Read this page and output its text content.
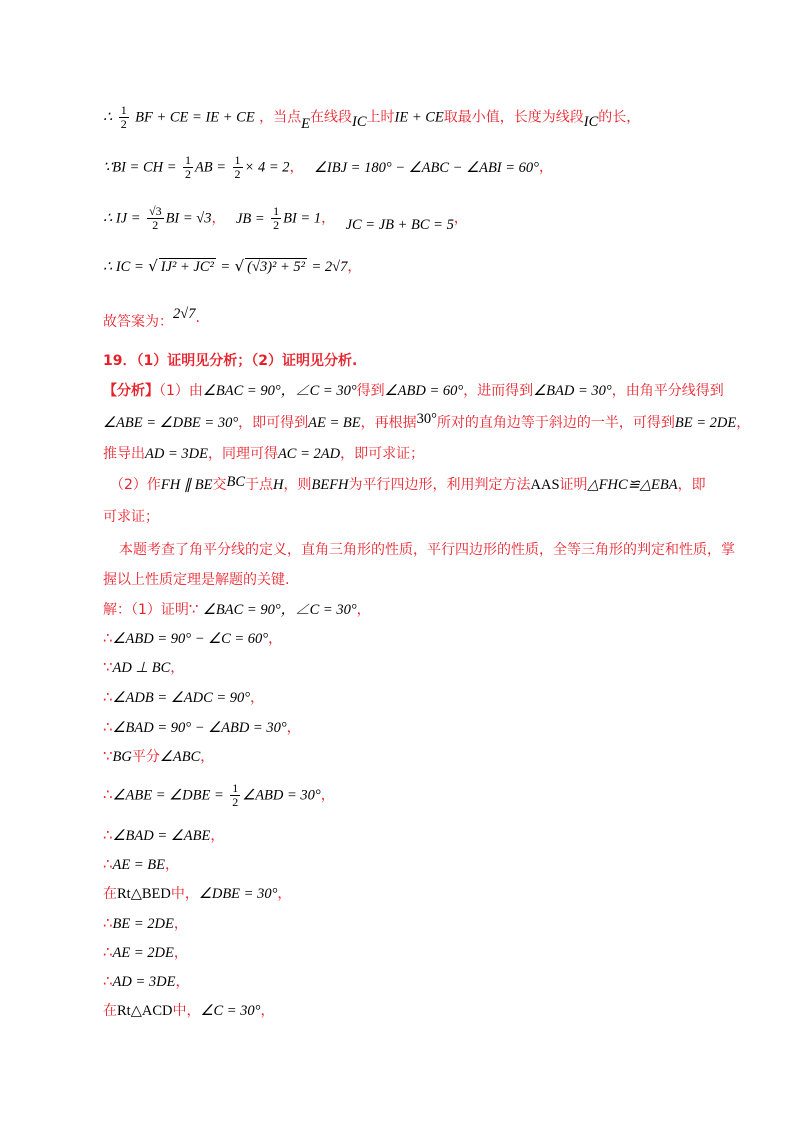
∴ $\frac{1}{2}$ BF + CE = IE + CE ，当点E在线段IC上时IE + CE取最小值，长度为线段IC的长，
∵BI = CH = $\frac{1}{2}$ AB = $\frac{1}{2} \times 4 = 2$， ∠IBJ = 180° − ∠ABC − ∠ABI = 60°，
∴ IJ = $\frac{√3}{2}$ BI = √3， JB = $\frac{1}{2}$ BI = 1， JC = JB + BC = 5，
∴ IC = √ IJ² + JC² = √ (√3)² + 5² = 2√7，
故答案为：2√7.
19．（1）证明见分析；（2）证明见分析.
【分析】（1）由∠BAC = 90°，∠C = 30°得到∠ABD = 60°，进而得到∠BAD = 30°，由角平分线得到
∠ABE = ∠DBE = 30°，即可得到AE = BE，再根据30°所对的直角边等于斜边的一半，可得到BE = 2DE，
推导出AD = 3DE，同理可得AC = 2AD，即可求证；
（2）作FH ∥ BE交BC于点H，则BEFH为平行四边形，利用判定方法AAS证明△FHC≌△EBA，即
可求证；
本题考查了角平分线的定义，直角三角形的性质，平行四边形的性质，全等三角形的判定和性质，掌
握以上性质定理是解题的关键.
解：（1）证明∵ ∠BAC = 90°，∠C = 30°，
∴∠ABD = 90° − ∠C = 60°，
∵AD ⊥ BC，
∴∠ADB = ∠ADC = 90°，
∴∠BAD = 90° − ∠ABD = 30°，
∵BG平分∠ABC，
∴∠ABE = ∠DBE = $\frac{1}{2}$ ∠ABD = 30°，
∴∠BAD = ∠ABE，
∴AE = BE，
在Rt△BED中，∠DBE = 30°，
∴BE = 2DE，
∴AE = 2DE，
∴AD = 3DE，
在Rt△ACD中，∠C = 30°，
